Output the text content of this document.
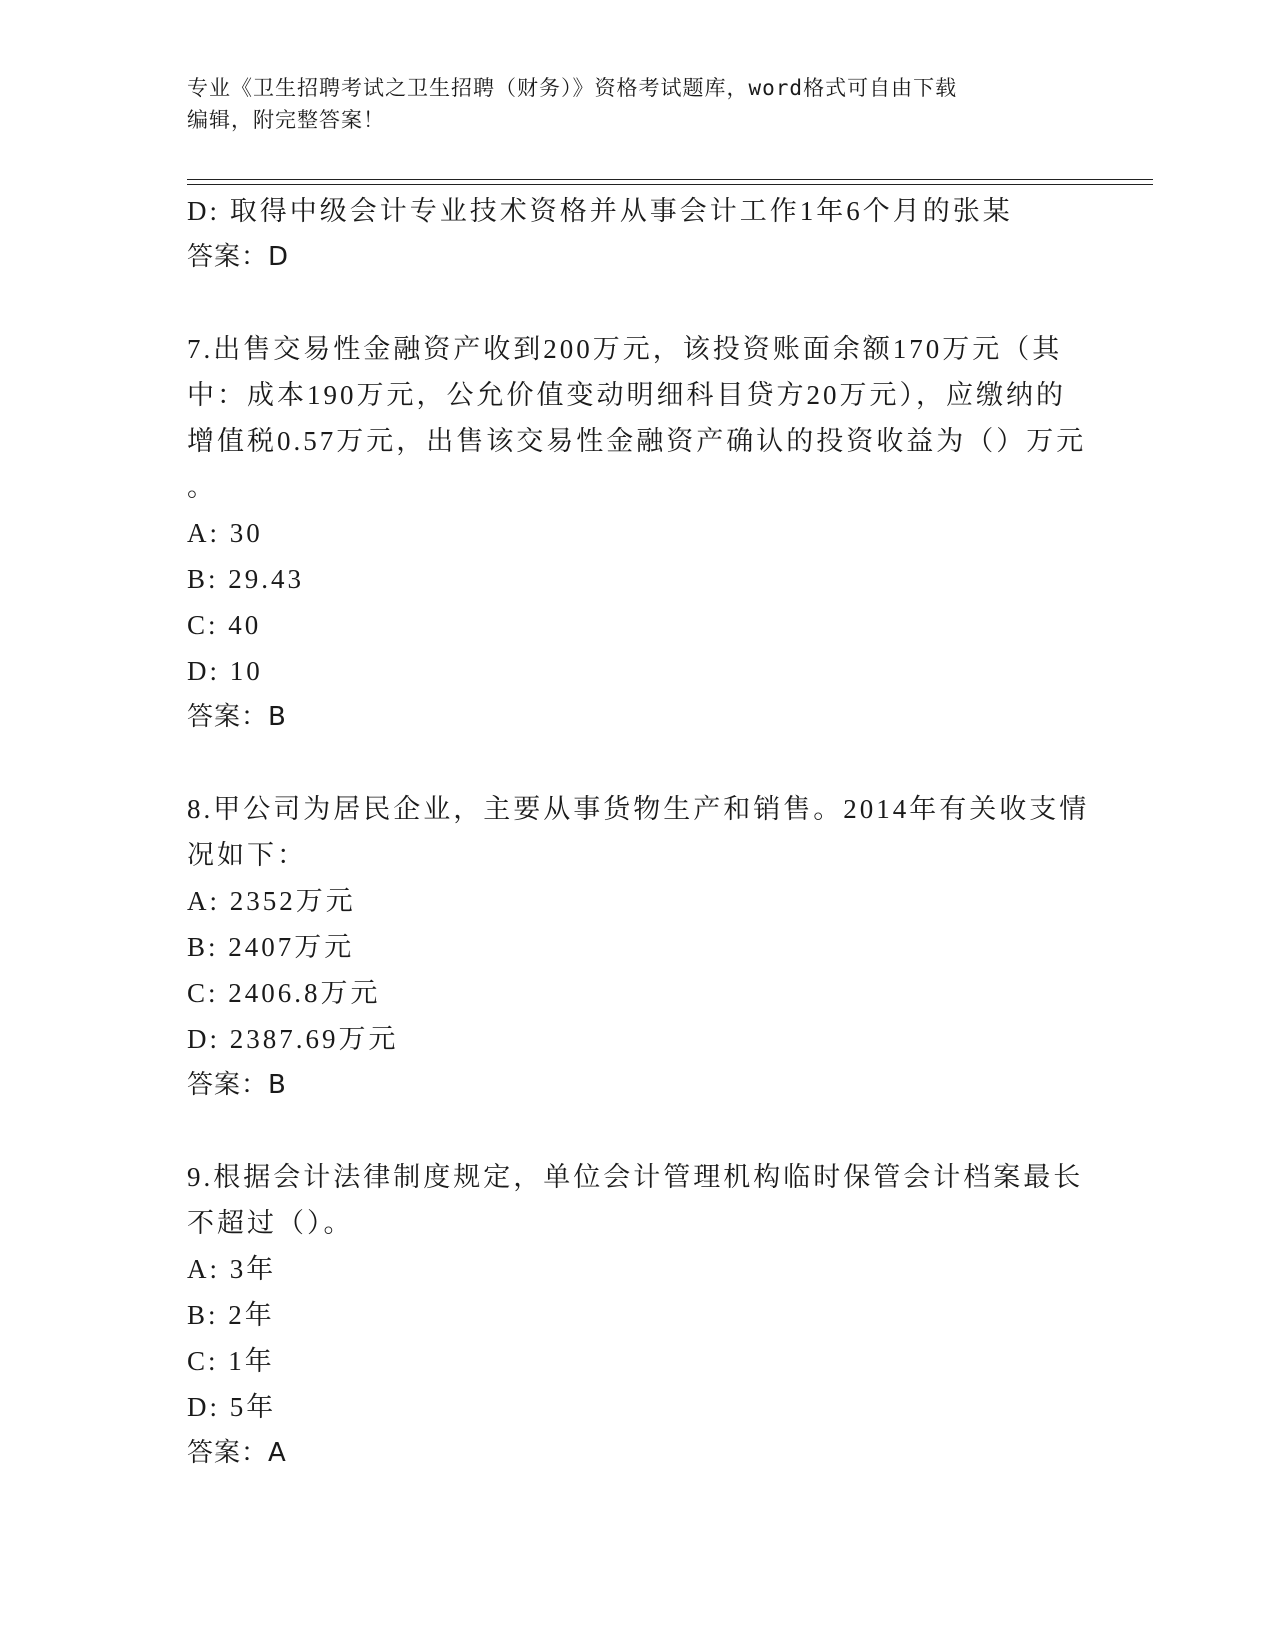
专业《卫生招聘考试之卫生招聘（财务）》资格考试题库，word格式可自由下载
编辑，附完整答案！
D: 取得中级会计专业技术资格并从事会计工作1年6个月的张某
答案：D
7.出售交易性金融资产收到200万元，该投资账面余额170万元（其
中：成本190万元，公允价值变动明细科目贷方20万元），应缴纳的
增值税0.57万元，出售该交易性金融资产确认的投资收益为（）万元
。
A: 30
B: 29.43
C: 40
D: 10
答案：B
8.甲公司为居民企业，主要从事货物生产和销售。2014年有关收支情
况如下：
A: 2352万元
B: 2407万元
C: 2406.8万元
D: 2387.69万元
答案：B
9.根据会计法律制度规定，单位会计管理机构临时保管会计档案最长
不超过（）。
A: 3年
B: 2年
C: 1年
D: 5年
答案：A
